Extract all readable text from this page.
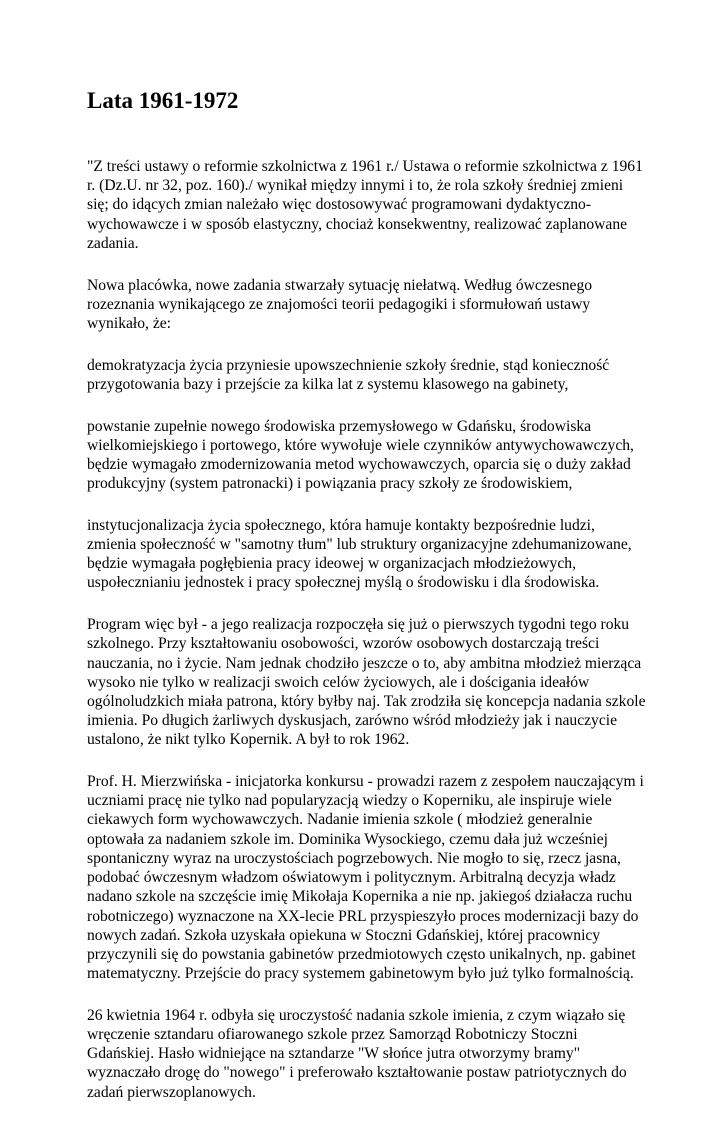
Lata 1961-1972

"Z treści ustawy o reformie szkolnictwa z 1961 r./ Ustawa o reformie szkolnictwa z 1961 r. (Dz.U. nr 32, poz. 160)./ wynikał między innymi i to, że rola szkoły średniej zmieni się; do idących zmian należało więc dostosowywać programowani dydaktyczno-wychowawcze i w sposób elastyczny, chociaż konsekwentny, realizować zaplanowane zadania.

Nowa placówka, nowe zadania stwarzały sytuację niełatwą. Według ówczesnego rozeznania wynikającego ze znajomości teorii pedagogiki i sformułowań ustawy wynikało, że:

demokratyzacja życia przyniesie upowszechnienie szkoły średnie, stąd konieczność przygotowania bazy i przejście za kilka lat z systemu klasowego na gabinety,

powstanie zupełnie nowego środowiska przemysłowego w Gdańsku, środowiska wielkomiejskiego i portowego, które wywołuje wiele czynników antywychowawczych, będzie wymagało zmodernizowania metod wychowawczych, oparcia się o duży zakład produkcyjny (system patronacki) i powiązania pracy szkoły ze środowiskiem,

instytucjonalizacja życia społecznego, która hamuje kontakty bezpośrednie ludzi, zmienia społeczność w "samotny tłum" lub struktury organizacyjne zdehumanizowane, będzie wymagała pogłębienia pracy ideowej w organizacjach młodzieżowych, uspołecznianiu jednostek i pracy społecznej myślą o środowisku i dla środowiska.

Program więc był - a jego realizacja rozpoczęła się już o pierwszych tygodni tego roku szkolnego. Przy kształtowaniu osobowości, wzorów osobowych dostarczają treści nauczania, no i życie. Nam jednak chodziło jeszcze o to, aby ambitna młodzież mierząca wysoko nie tylko w realizacji swoich celów życiowych, ale i dościgania ideałów ogólnoludzkich miała patrona, który byłby naj. Tak zrodziła się koncepcja nadania szkole imienia. Po długich żarliwych dyskusjach, zarówno wśród młodzieży jak i nauczycie ustalono, że nikt tylko Kopernik. A był to rok 1962.

Prof. H. Mierzwińska - inicjatorka konkursu - prowadzi razem z zespołem nauczającym i uczniami pracę nie tylko nad popularyzacją wiedzy o Koperniku, ale inspiruje wiele ciekawych form wychowawczych. Nadanie imienia szkole ( młodzież generalnie optowała za nadaniem szkole im. Dominika Wysockiego, czemu dała już wcześniej spontaniczny wyraz na uroczystościach pogrzebowych. Nie mogło to się, rzecz jasna, podobać ówczesnym władzom oświatowym i politycznym. Arbitralną decyzja władz nadano szkole na szczęście imię Mikołaja Kopernika a nie np. jakiegoś działacza ruchu robotniczego) wyznaczone na XX-lecie PRL przyspieszyło proces modernizacji bazy do nowych zadań. Szkoła uzyskała opiekuna w Stoczni Gdańskiej, której pracownicy przyczynili się do powstania gabinetów przedmiotowych często unikalnych, np. gabinet matematyczny. Przejście do pracy systemem gabinetowym było już tylko formalnością.

26 kwietnia 1964 r. odbyła się uroczystość nadania szkole imienia, z czym wiązało się wręczenie sztandaru ofiarowanego szkole przez Samorząd Robotniczy Stoczni Gdańskiej. Hasło widniejące na sztandarze "W słońce jutra otworzymy bramy" wyznaczało drogę do "nowego" i preferowało kształtowanie postaw patriotycznych do zadań pierwszoplanowych.
